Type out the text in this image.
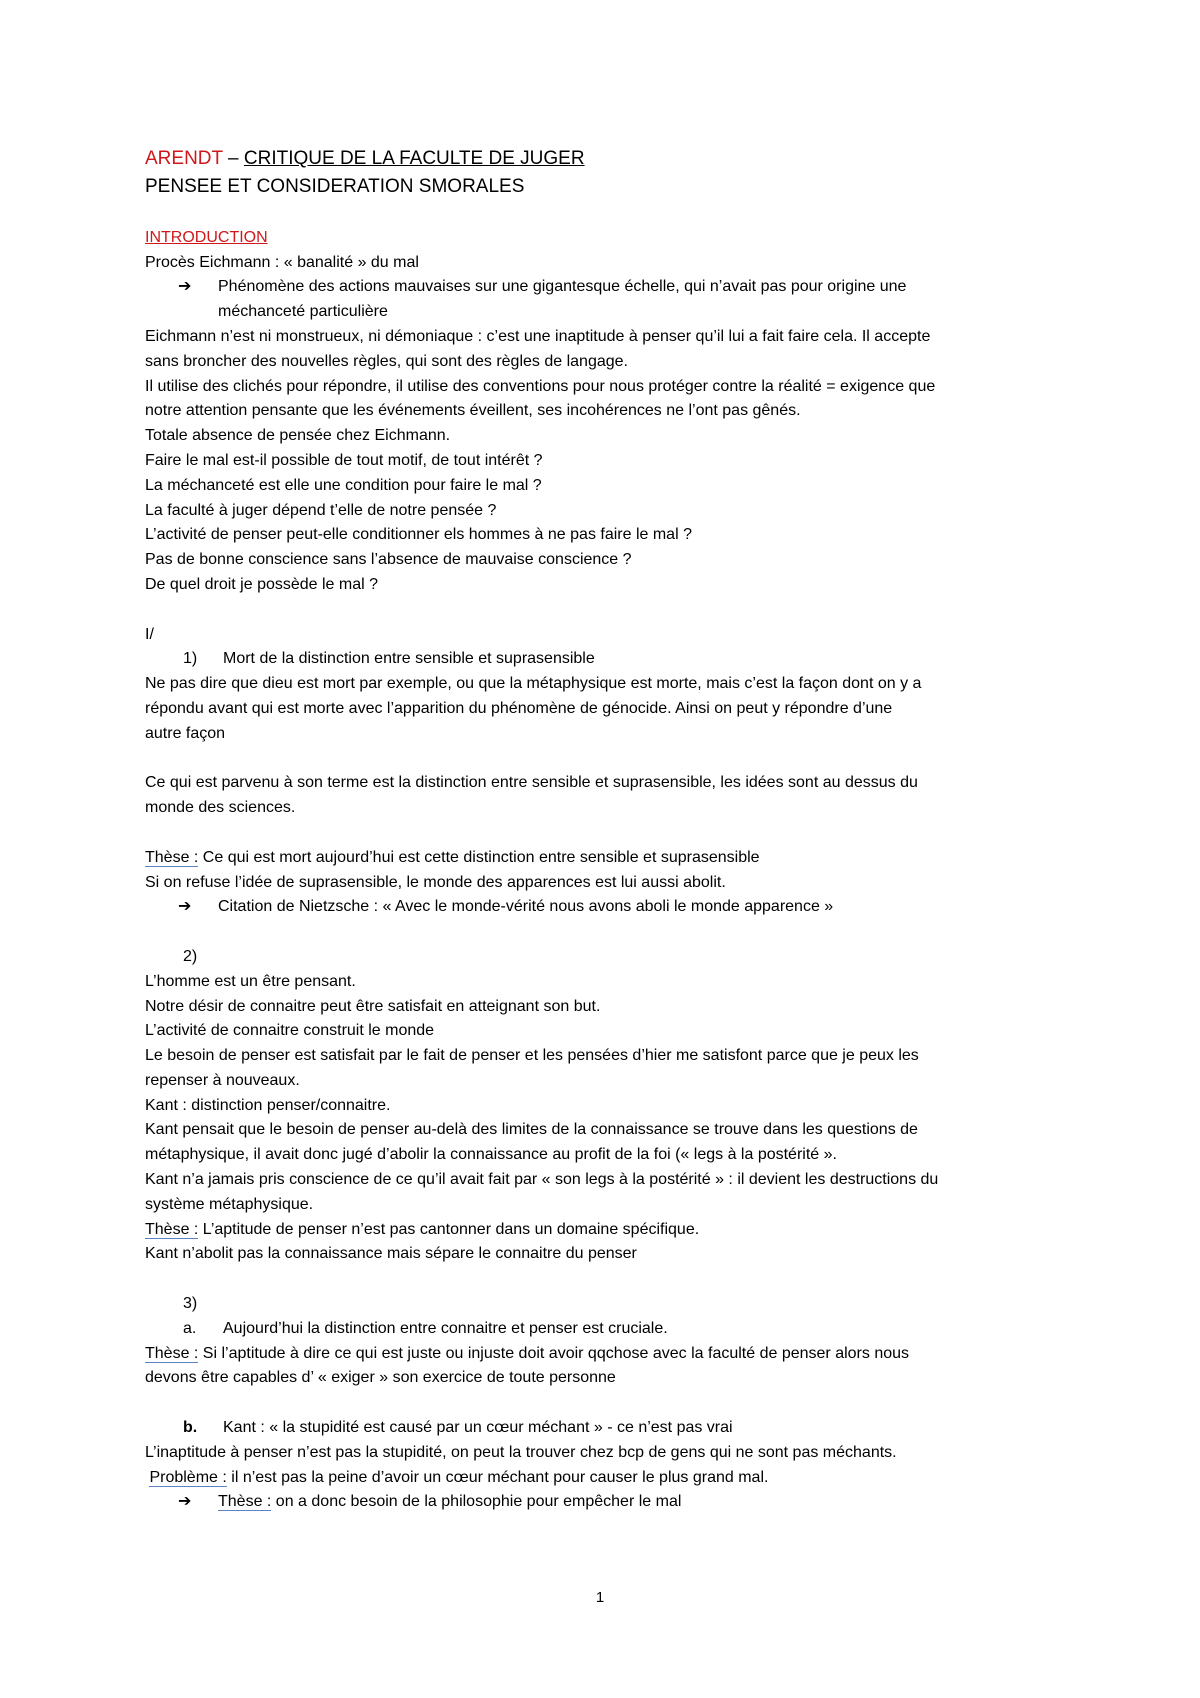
ARENDT – CRITIQUE DE LA FACULTE DE JUGER
PENSEE ET CONSIDERATION SMORALES
INTRODUCTION
Procès Eichmann : « banalité » du mal
➔ Phénomène des actions mauvaises sur une gigantesque échelle, qui n’avait pas pour origine une
méchanceté particulière
Eichmann n’est ni monstrueux, ni démoniaque : c’est une inaptitude à penser qu’il lui a fait faire cela. Il accepte
sans broncher des nouvelles règles, qui sont des règles de langage.
Il utilise des clichés pour répondre, il utilise des conventions pour nous protéger contre la réalité = exigence que
notre attention pensante que les événements éveillent, ses incohérences ne l’ont pas gênés.
Totale absence de pensée chez Eichmann.
Faire le mal est-il possible de tout motif, de tout intérêt ?
La méchanceté est elle une condition pour faire le mal ?
La faculté à juger dépend t’elle de notre pensée ?
L’activité de penser peut-elle conditionner els hommes à ne pas faire le mal ?
Pas de bonne conscience sans l’absence de mauvaise conscience ?
De quel droit je possède le mal ?
I/
1) Mort de la distinction entre sensible et suprasensible
Ne pas dire que dieu est mort par exemple, ou que la métaphysique est morte, mais c’est la façon dont on y a
répondu avant qui est morte avec l’apparition du phénomène de génocide. Ainsi on peut y répondre d’une
autre façon
Ce qui est parvenu à son terme est la distinction entre sensible et suprasensible, les idées sont au dessus du
monde des sciences.
Thèse : Ce qui est mort aujourd’hui est cette distinction entre sensible et suprasensible
Si on refuse l’idée de suprasensible, le monde des apparences est lui aussi abolit.
➔ Citation de Nietzsche : « Avec le monde-vérité nous avons aboli le monde apparence »
2)
L’homme est un être pensant.
Notre désir de connaitre peut être satisfait en atteignant son but.
L’activité de connaitre construit le monde
Le besoin de penser est satisfait par le fait de penser et les pensées d’hier me satisfont parce que je peux les
repenser à nouveaux.
Kant : distinction penser/connaitre.
Kant pensait que le besoin de penser au-delà des limites de la connaissance se trouve dans les questions de
métaphysique, il avait donc jugé d’abolir la connaissance au profit de la foi (« legs à la postérité ».
Kant n’a jamais pris conscience de ce qu’il avait fait par « son legs à la postérité » : il devient les destructions du
système métaphysique.
Thèse : L’aptitude de penser n’est pas cantonner dans un domaine spécifique.
Kant n’abolit pas la connaissance mais sépare le connaitre du penser
3)
a. Aujourd’hui la distinction entre connaitre et penser est cruciale.
Thèse : Si l’aptitude à dire ce qui est juste ou injuste doit avoir qqchose avec la faculté de penser alors nous
devons être capables d’ « exiger » son exercice de toute personne
b. Kant : « la stupidité est causé par un cœur méchant » - ce n’est pas vrai
L’inaptitude à penser n’est pas la stupidité, on peut la trouver chez bcp de gens qui ne sont pas méchants.
Problème : il n’est pas la peine d’avoir un cœur méchant pour causer le plus grand mal.
➔ Thèse : on a donc besoin de la philosophie pour empêcher le mal
1
